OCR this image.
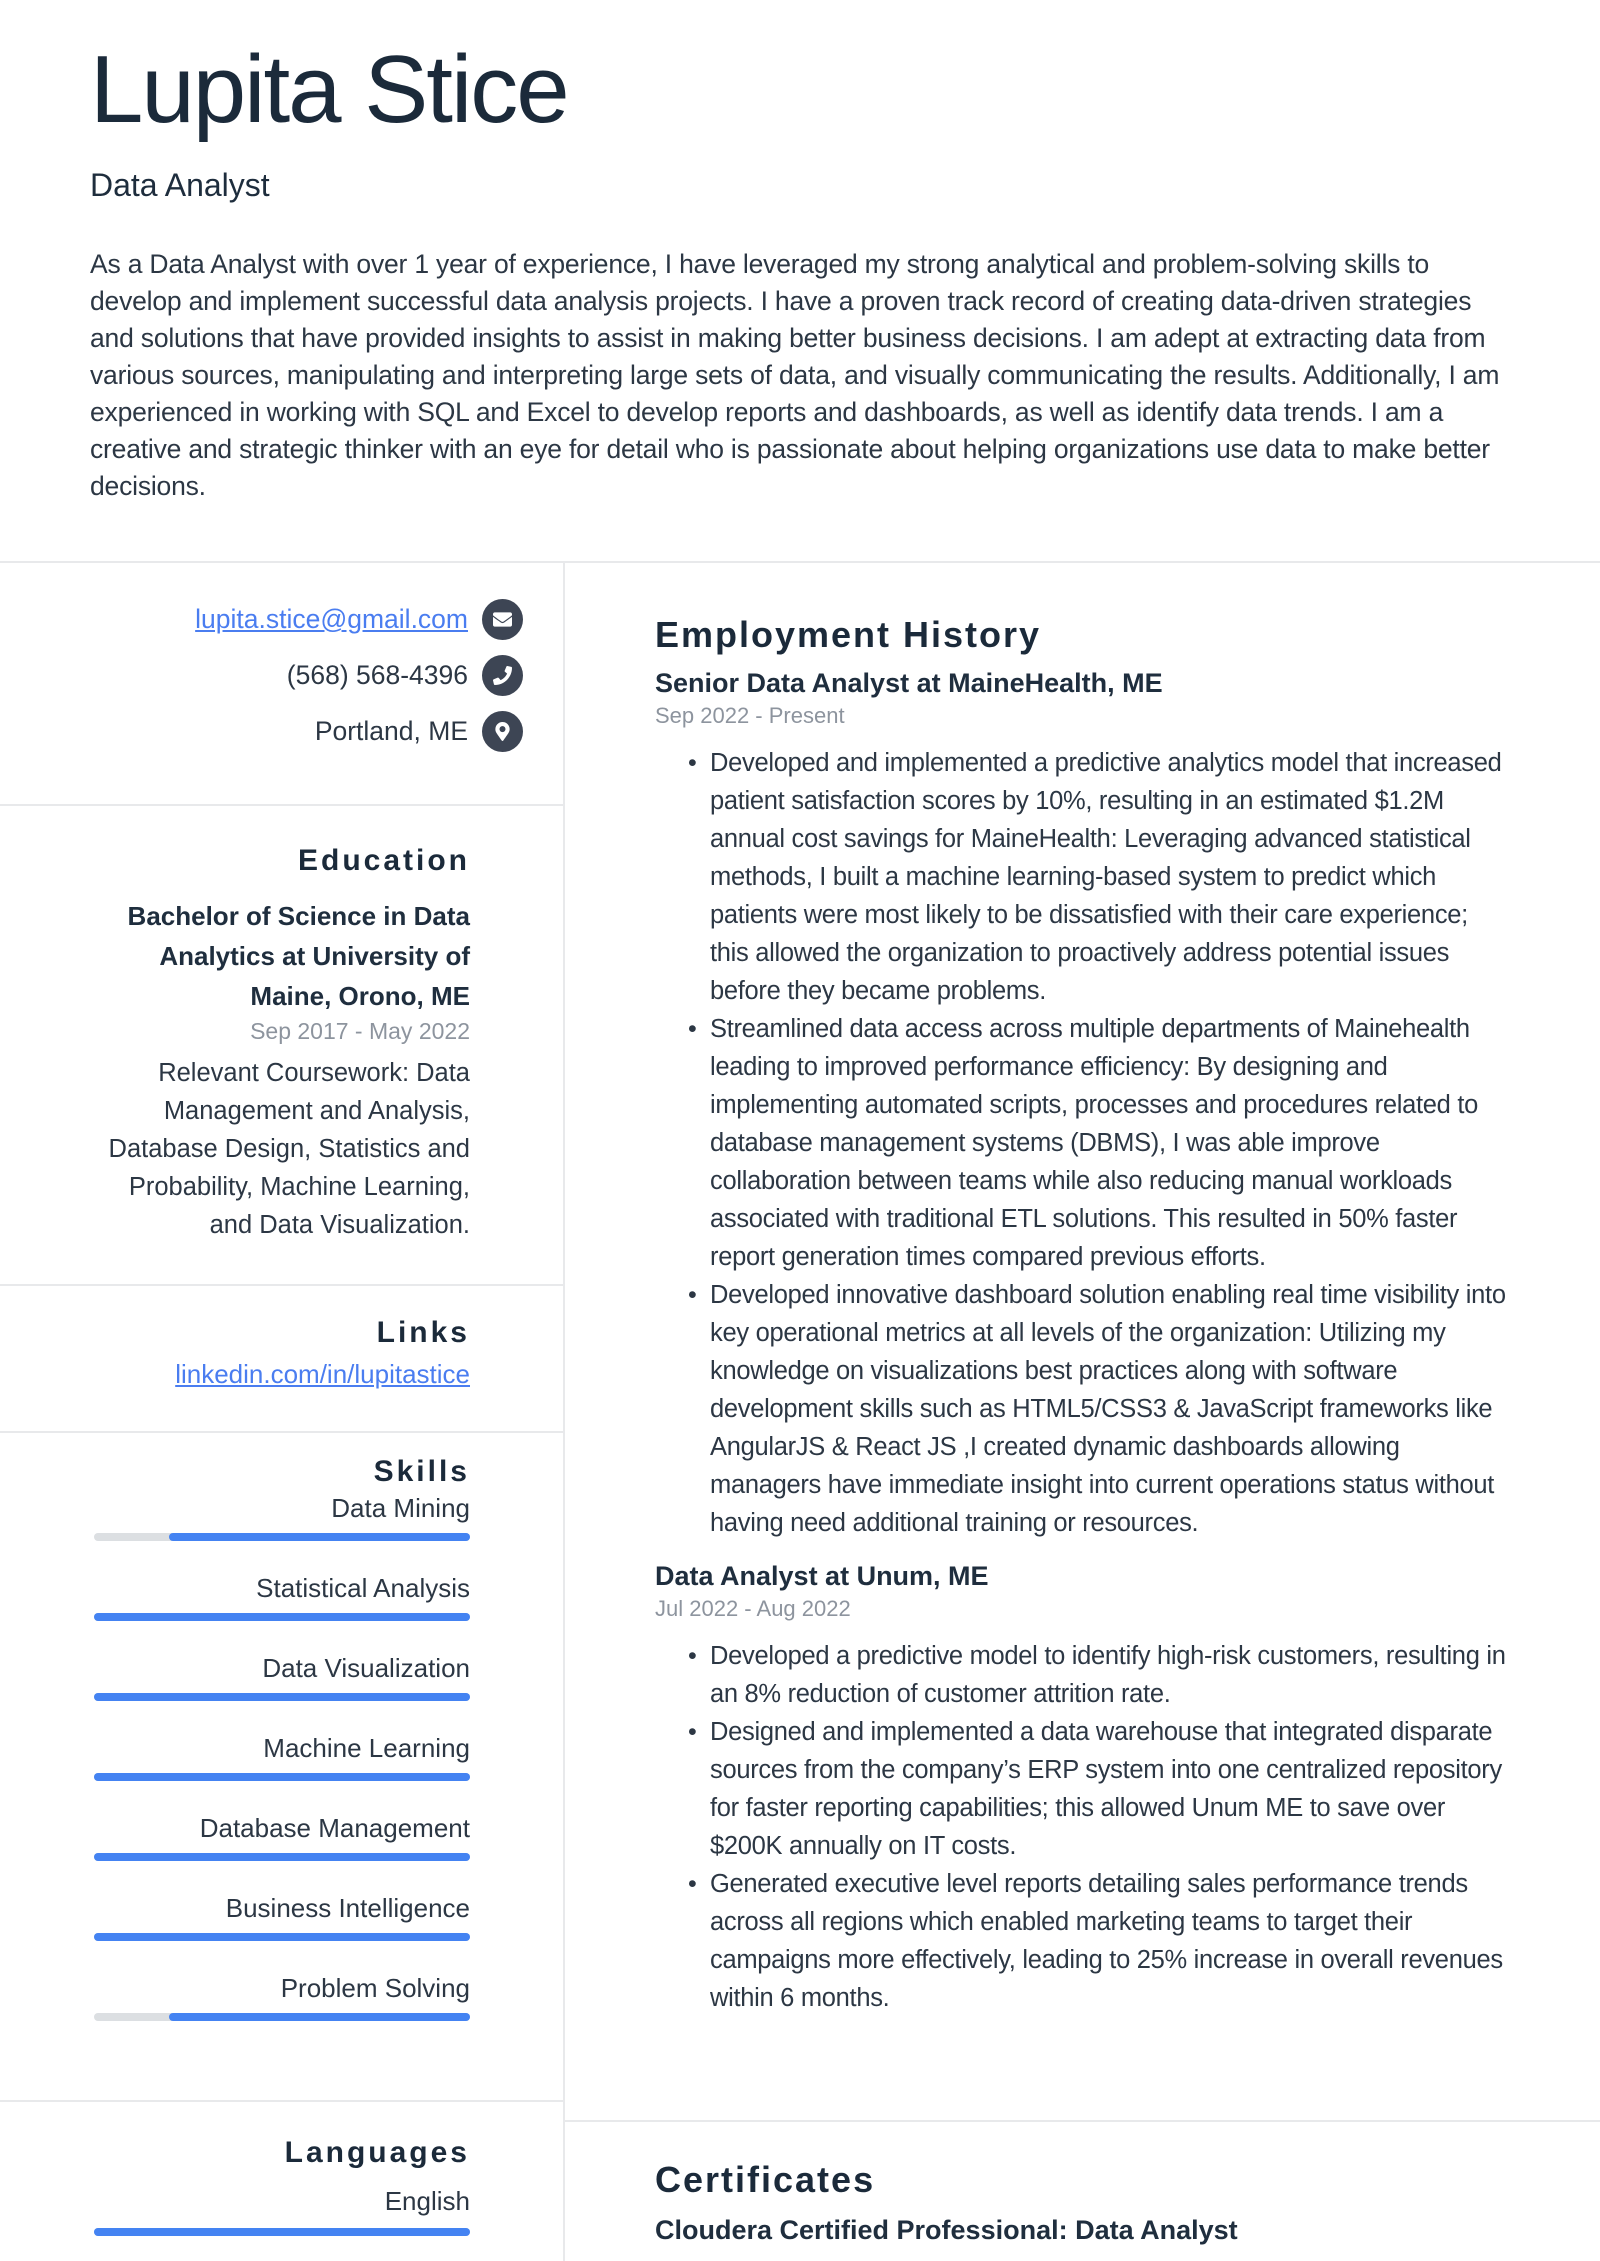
Lupita Stice
Data Analyst
As a Data Analyst with over 1 year of experience, I have leveraged my strong analytical and problem-solving skills to develop and implement successful data analysis projects. I have a proven track record of creating data-driven strategies and solutions that have provided insights to assist in making better business decisions. I am adept at extracting data from various sources, manipulating and interpreting large sets of data, and visually communicating the results. Additionally, I am experienced in working with SQL and Excel to develop reports and dashboards, as well as identify data trends. I am a creative and strategic thinker with an eye for detail who is passionate about helping organizations use data to make better decisions.
lupita.stice@gmail.com
(568) 568-4396
Portland, ME
Education
Bachelor of Science in Data Analytics at University of Maine, Orono, ME
Sep 2017 - May 2022
Relevant Coursework: Data Management and Analysis, Database Design, Statistics and Probability, Machine Learning, and Data Visualization.
Links
linkedin.com/in/lupitastice
Skills
Data Mining
Statistical Analysis
Data Visualization
Machine Learning
Database Management
Business Intelligence
Problem Solving
Languages
English
Employment History
Senior Data Analyst at MaineHealth, ME
Sep 2022 - Present
• Developed and implemented a predictive analytics model that increased patient satisfaction scores by 10%, resulting in an estimated $1.2M annual cost savings for MaineHealth: Leveraging advanced statistical methods, I built a machine learning-based system to predict which patients were most likely to be dissatisfied with their care experience; this allowed the organization to proactively address potential issues before they became problems.
• Streamlined data access across multiple departments of Mainehealth leading to improved performance efficiency: By designing and implementing automated scripts, processes and procedures related to database management systems (DBMS), I was able improve collaboration between teams while also reducing manual workloads associated with traditional ETL solutions. This resulted in 50% faster report generation times compared previous efforts.
• Developed innovative dashboard solution enabling real time visibility into key operational metrics at all levels of the organization: Utilizing my knowledge on visualizations best practices along with software development skills such as HTML5/CSS3 & JavaScript frameworks like AngularJS & React JS ,I created dynamic dashboards allowing managers have immediate insight into current operations status without having need additional training or resources.
Data Analyst at Unum, ME
Jul 2022 - Aug 2022
• Developed a predictive model to identify high-risk customers, resulting in an 8% reduction of customer attrition rate.
• Designed and implemented a data warehouse that integrated disparate sources from the company’s ERP system into one centralized repository for faster reporting capabilities; this allowed Unum ME to save over $200K annually on IT costs.
• Generated executive level reports detailing sales performance trends across all regions which enabled marketing teams to target their campaigns more effectively, leading to 25% increase in overall revenues within 6 months.
Certificates
Cloudera Certified Professional: Data Analyst
